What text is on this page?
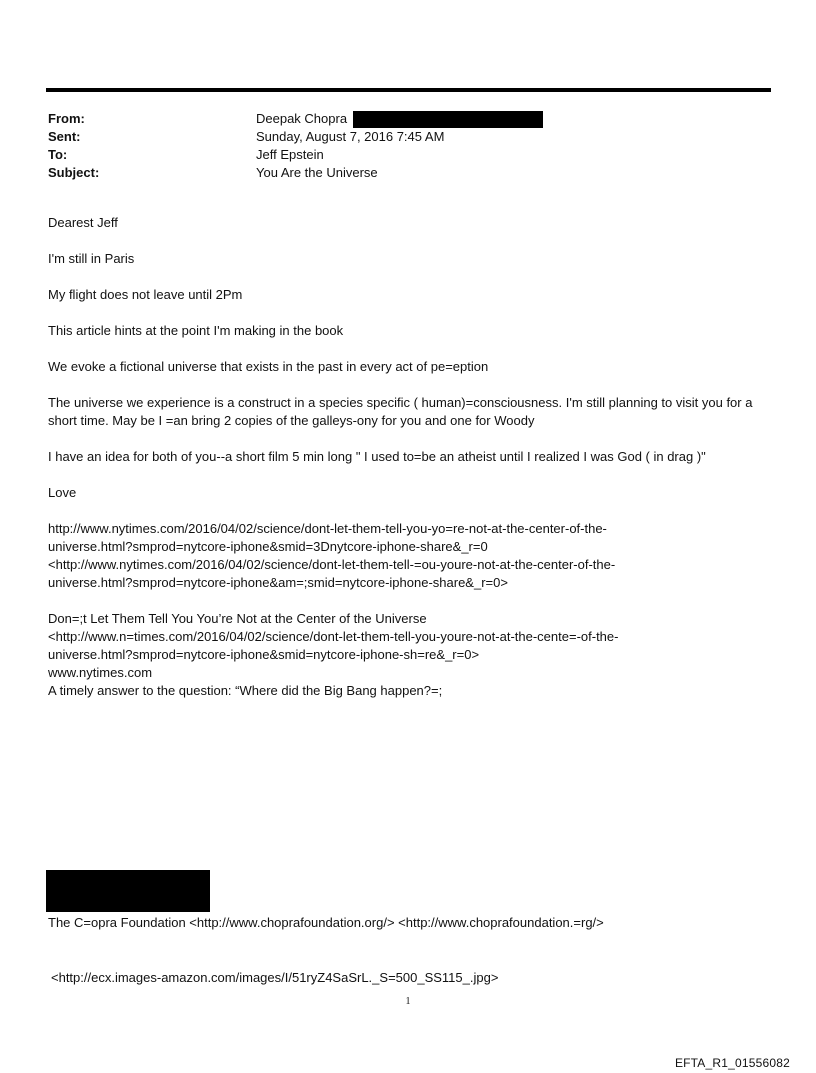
From:	Deepak Chopra
Sent:	Sunday, August 7, 2016 7:45 AM
To:	Jeff Epstein
Subject:	You Are the Universe

Dearest Jeff

I'm still in Paris

My flight does not leave until 2Pm

This article hints at the point I'm making in the book

We evoke a fictional universe that exists in the past in every act of pe=eption

The universe we experience is a construct in a species specific ( human)=consciousness. I'm still planning to visit you for a short time. May be I =an bring 2 copies of the galleys-ony for you and one for Woody

I have an idea for both of you--a short film 5 min long " I used to=be an atheist until I realized I was God ( in drag )"

Love

http://www.nytimes.com/2016/04/02/science/dont-let-them-tell-you-yo=re-not-at-the-center-of-the-
universe.html?smprod=nytcore-iphone&smid=3Dnytcore-iphone-share&_r=0
<http://www.nytimes.com/2016/04/02/science/dont-let-them-tell-=ou-youre-not-at-the-center-of-the-
universe.html?smprod=nytcore-iphone&am=;smid=nytcore-iphone-share&_r=0>
Don=;t Let Them Tell You You’re Not at the Center of the Universe
<http://www.n=times.com/2016/04/02/science/dont-let-them-tell-you-youre-not-at-the-cente=-of-the-
universe.html?smprod=nytcore-iphone&smid=nytcore-iphone-sh=re&_r=0>
www.nytimes.com
A timely answer to the question: “Where did the Big Bang happen?=;
The C=opra Foundation <http://www.choprafoundation.org/> <http://www.choprafoundation.=rg/>
<http://ecx.images-amazon.com/images/I/51ryZ4SaSrL._S=500_SS115_.jpg>
1
EFTA_R1_01556082
